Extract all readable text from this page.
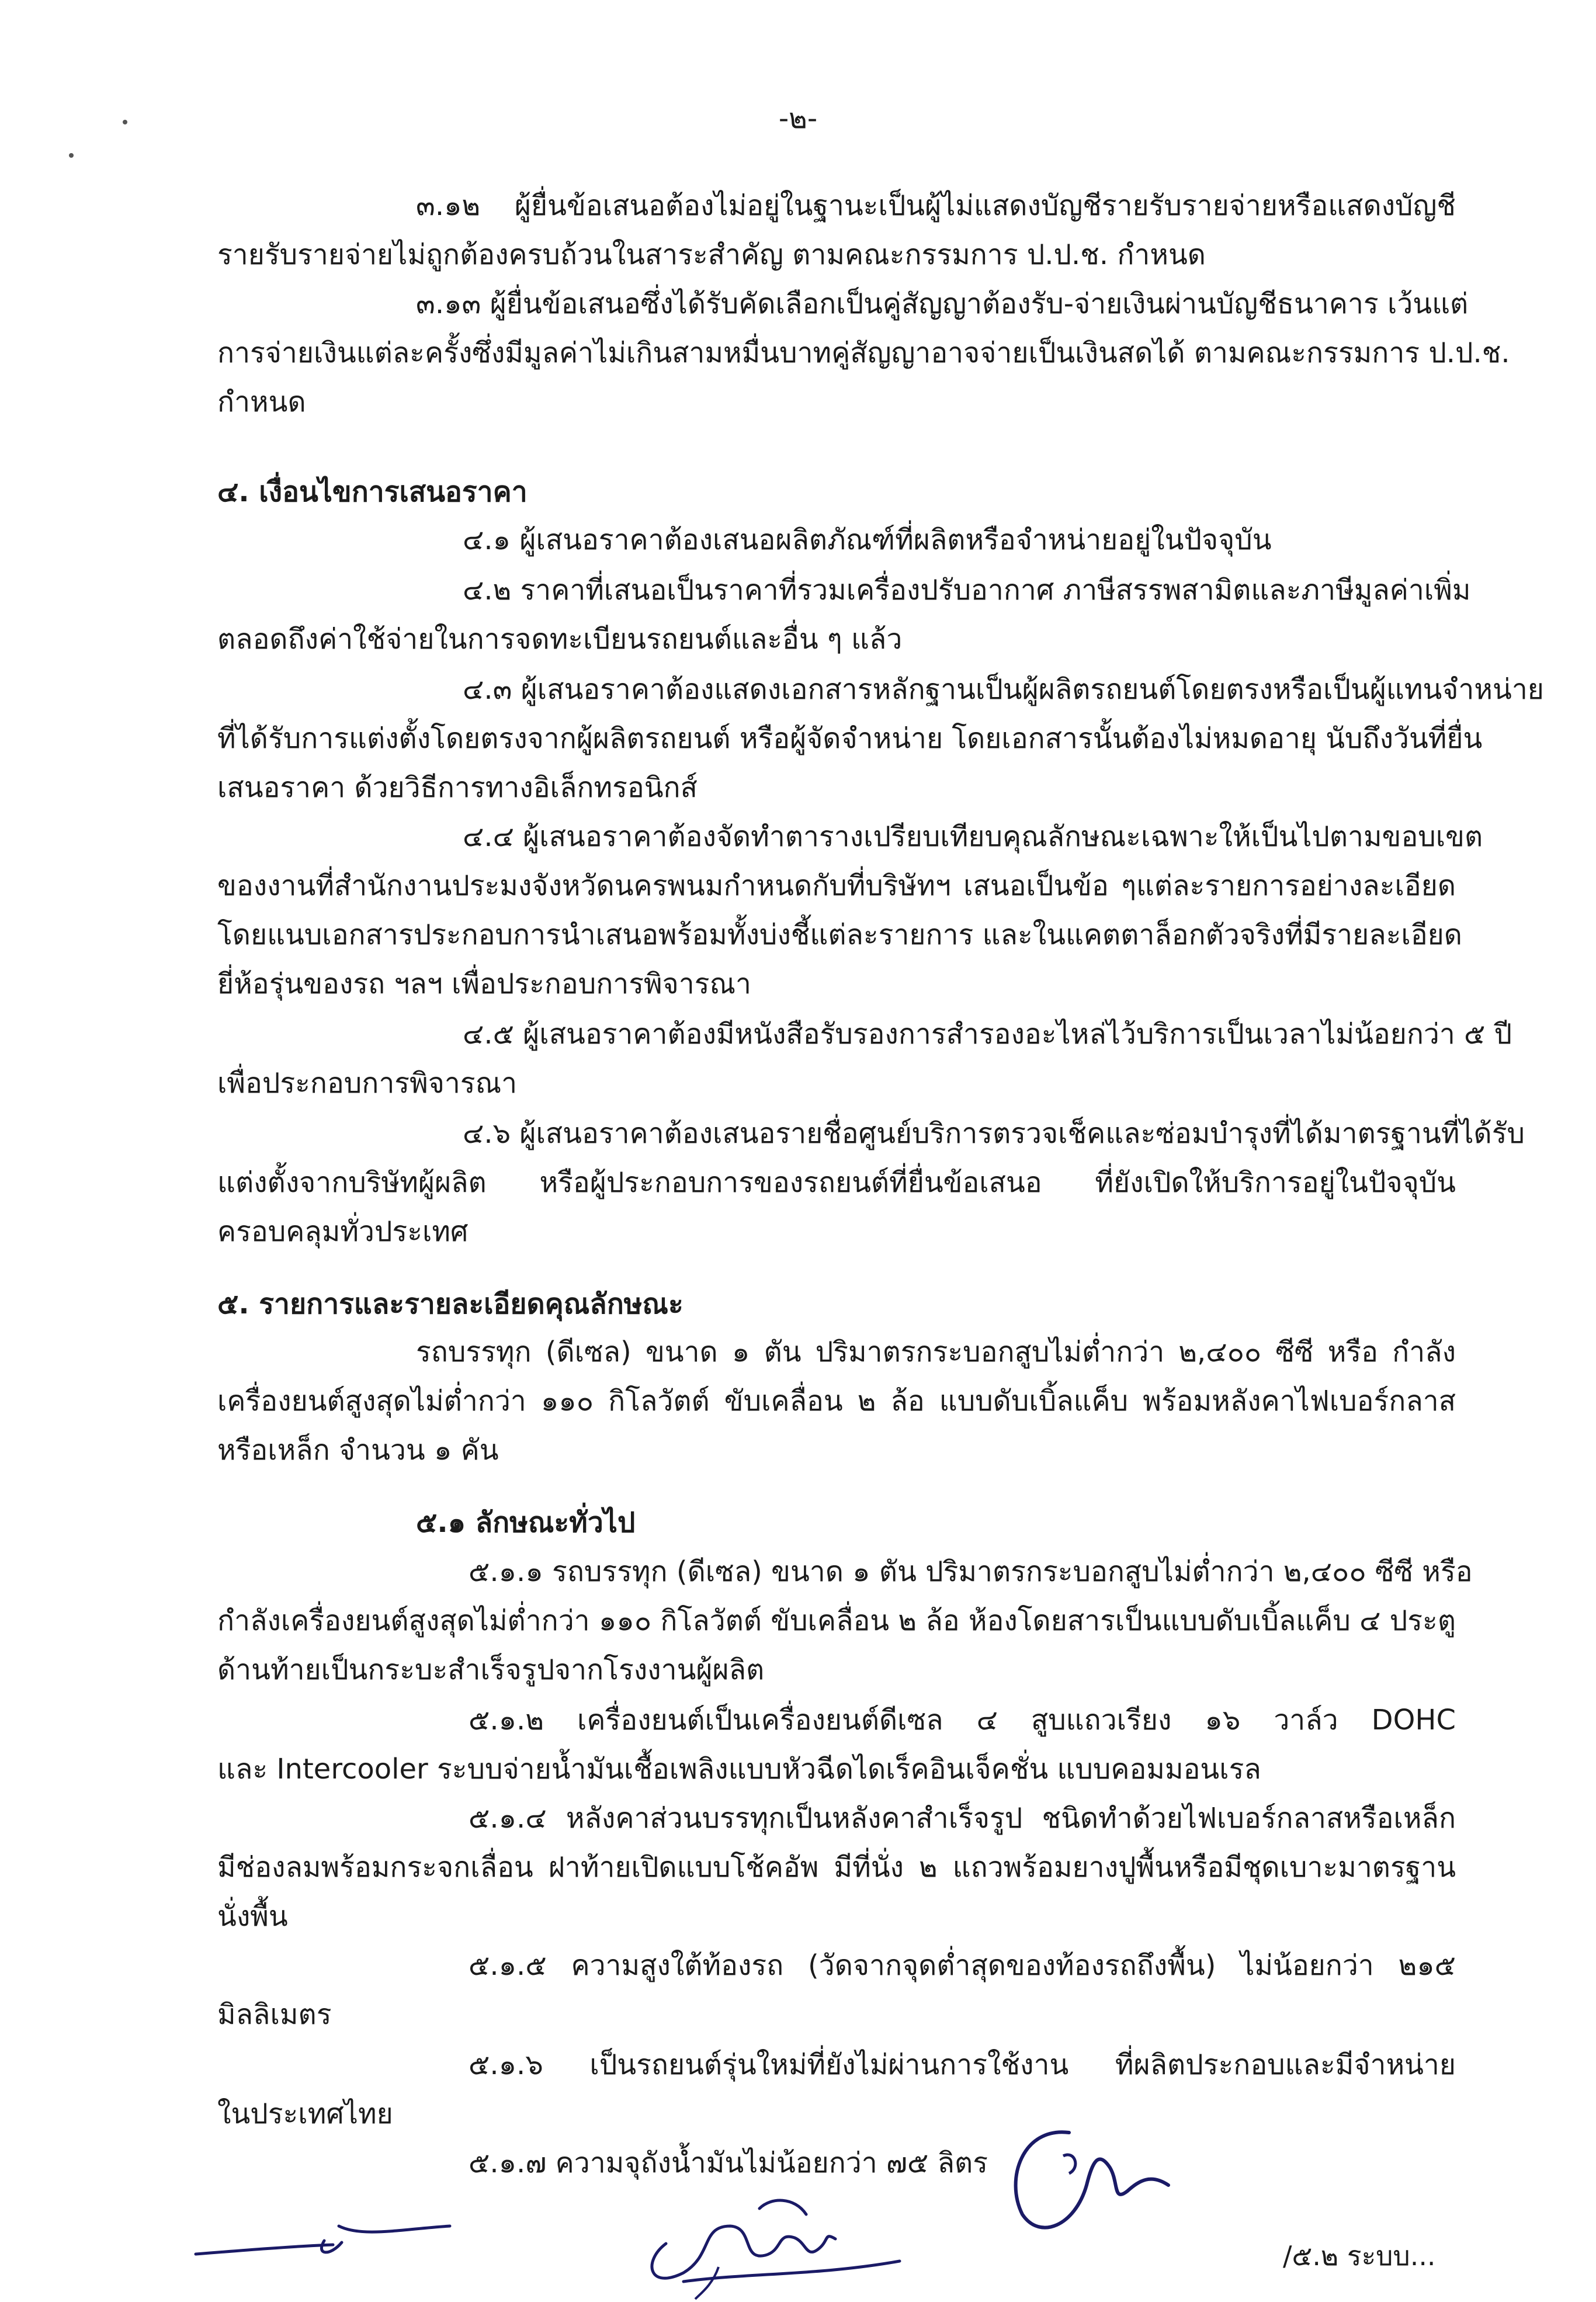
-๒-
๓.๑๒ ผู้ยื่นข้อเสนอต้องไม่อยู่ในฐานะเป็นผู้ไม่แสดงบัญชีรายรับรายจ่ายหรือแสดงบัญชี
รายรับรายจ่ายไม่ถูกต้องครบถ้วนในสาระสำคัญ ตามคณะกรรมการ ป.ป.ช. กำหนด
๓.๑๓ ผู้ยื่นข้อเสนอซึ่งได้รับคัดเลือกเป็นคู่สัญญาต้องรับ-จ่ายเงินผ่านบัญชีธนาคาร เว้นแต่
การจ่ายเงินแต่ละครั้งซึ่งมีมูลค่าไม่เกินสามหมื่นบาทคู่สัญญาอาจจ่ายเป็นเงินสดได้ ตามคณะกรรมการ ป.ป.ช.
กำหนด
๔. เงื่อนไขการเสนอราคา
๔.๑ ผู้เสนอราคาต้องเสนอผลิตภัณฑ์ที่ผลิตหรือจำหน่ายอยู่ในปัจจุบัน
๔.๒ ราคาที่เสนอเป็นราคาที่รวมเครื่องปรับอากาศ ภาษีสรรพสามิตและภาษีมูลค่าเพิ่ม
ตลอดถึงค่าใช้จ่ายในการจดทะเบียนรถยนต์และอื่น ๆ แล้ว
๔.๓ ผู้เสนอราคาต้องแสดงเอกสารหลักฐานเป็นผู้ผลิตรถยนต์โดยตรงหรือเป็นผู้แทนจำหน่าย
ที่ได้รับการแต่งตั้งโดยตรงจากผู้ผลิตรถยนต์ หรือผู้จัดจำหน่าย โดยเอกสารนั้นต้องไม่หมดอายุ นับถึงวันที่ยื่น
เสนอราคา ด้วยวิธีการทางอิเล็กทรอนิกส์
๔.๔ ผู้เสนอราคาต้องจัดทำตารางเปรียบเทียบคุณลักษณะเฉพาะให้เป็นไปตามขอบเขต
ของงานที่สำนักงานประมงจังหวัดนครพนมกำหนดกับที่บริษัทฯ เสนอเป็นข้อ ๆแต่ละรายการอย่างละเอียด
โดยแนบเอกสารประกอบการนำเสนอพร้อมทั้งบ่งชี้แต่ละรายการ และในแคตตาล็อกตัวจริงที่มีรายละเอียด
ยี่ห้อรุ่นของรถ ฯลฯ เพื่อประกอบการพิจารณา
๔.๕ ผู้เสนอราคาต้องมีหนังสือรับรองการสำรองอะไหล่ไว้บริการเป็นเวลาไม่น้อยกว่า ๕ ปี
เพื่อประกอบการพิจารณา
๔.๖ ผู้เสนอราคาต้องเสนอรายชื่อศูนย์บริการตรวจเช็คและซ่อมบำรุงที่ได้มาตรฐานที่ได้รับ
แต่งตั้งจากบริษัทผู้ผลิต หรือผู้ประกอบการของรถยนต์ที่ยื่นข้อเสนอ ที่ยังเปิดให้บริการอยู่ในปัจจุบัน
ครอบคลุมทั่วประเทศ
๕. รายการและรายละเอียดคุณลักษณะ
รถบรรทุก (ดีเซล) ขนาด ๑ ตัน ปริมาตรกระบอกสูบไม่ต่ำกว่า ๒,๔๐๐ ซีซี หรือ กำลัง
เครื่องยนต์สูงสุดไม่ต่ำกว่า ๑๑๐ กิโลวัตต์ ขับเคลื่อน ๒ ล้อ แบบดับเบิ้ลแค็บ พร้อมหลังคาไฟเบอร์กลาส
หรือเหล็ก จำนวน ๑ คัน
๕.๑ ลักษณะทั่วไป
๕.๑.๑ รถบรรทุก (ดีเซล) ขนาด ๑ ตัน ปริมาตรกระบอกสูบไม่ต่ำกว่า ๒,๔๐๐ ซีซี หรือ
กำลังเครื่องยนต์สูงสุดไม่ต่ำกว่า ๑๑๐ กิโลวัตต์ ขับเคลื่อน ๒ ล้อ ห้องโดยสารเป็นแบบดับเบิ้ลแค็บ ๔ ประตู
ด้านท้ายเป็นกระบะสำเร็จรูปจากโรงงานผู้ผลิต
๕.๑.๒ เครื่องยนต์เป็นเครื่องยนต์ดีเซล ๔ สูบแถวเรียง ๑๖ วาล์ว DOHC
และ Intercooler ระบบจ่ายน้ำมันเชื้อเพลิงแบบหัวฉีดไดเร็คอินเจ็คชั่น แบบคอมมอนเรล
๕.๑.๔ หลังคาส่วนบรรทุกเป็นหลังคาสำเร็จรูป ชนิดทำด้วยไฟเบอร์กลาสหรือเหล็ก
มีช่องลมพร้อมกระจกเลื่อน ฝาท้ายเปิดแบบโช้คอัพ มีที่นั่ง ๒ แถวพร้อมยางปูพื้นหรือมีชุดเบาะมาตรฐาน
นั่งพื้น
๕.๑.๕ ความสูงใต้ท้องรถ (วัดจากจุดต่ำสุดของท้องรถถึงพื้น) ไม่น้อยกว่า ๒๑๕
มิลลิเมตร
๕.๑.๖ เป็นรถยนต์รุ่นใหม่ที่ยังไม่ผ่านการใช้งาน ที่ผลิตประกอบและมีจำหน่าย
ในประเทศไทย
๕.๑.๗ ความจุถังน้ำมันไม่น้อยกว่า ๗๕ ลิตร
/๕.๒ ระบบ...
